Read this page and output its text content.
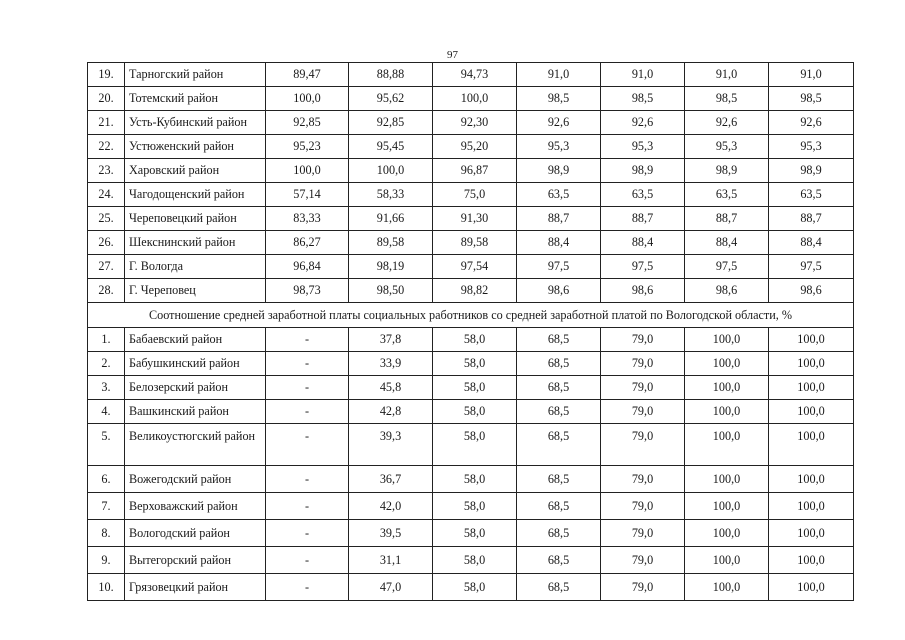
97
19.	Тарногский район	89,47	88,88	94,73	91,0	91,0	91,0	91,0
20.	Тотемский район	100,0	95,62	100,0	98,5	98,5	98,5	98,5
21.	Усть-Кубинский район	92,85	92,85	92,30	92,6	92,6	92,6	92,6
22.	Устюженский район	95,23	95,45	95,20	95,3	95,3	95,3	95,3
23.	Харовский район	100,0	100,0	96,87	98,9	98,9	98,9	98,9
24.	Чагодощенский район	57,14	58,33	75,0	63,5	63,5	63,5	63,5
25.	Череповецкий район	83,33	91,66	91,30	88,7	88,7	88,7	88,7
26.	Шекснинский район	86,27	89,58	89,58	88,4	88,4	88,4	88,4
27.	Г. Вологда	96,84	98,19	97,54	97,5	97,5	97,5	97,5
28.	Г. Череповец	98,73	98,50	98,82	98,6	98,6	98,6	98,6
Соотношение средней заработной платы социальных работников со средней заработной платой по Вологодской области, %								
1.	Бабаевский район	-	37,8	58,0	68,5	79,0	100,0	100,0
2.	Бабушкинский район	-	33,9	58,0	68,5	79,0	100,0	100,0
3.	Белозерский район	-	45,8	58,0	68,5	79,0	100,0	100,0
4.	Вашкинский район	-	42,8	58,0	68,5	79,0	100,0	100,0
5.	Великоустюгский район	-	39,3	58,0	68,5	79,0	100,0	100,0
6.	Вожегодский район	-	36,7	58,0	68,5	79,0	100,0	100,0
7.	Верховажский район	-	42,0	58,0	68,5	79,0	100,0	100,0
8.	Вологодский район	-	39,5	58,0	68,5	79,0	100,0	100,0
9.	Вытегорский район	-	31,1	58,0	68,5	79,0	100,0	100,0
10.	Грязовецкий район	-	47,0	58,0	68,5	79,0	100,0	100,0
